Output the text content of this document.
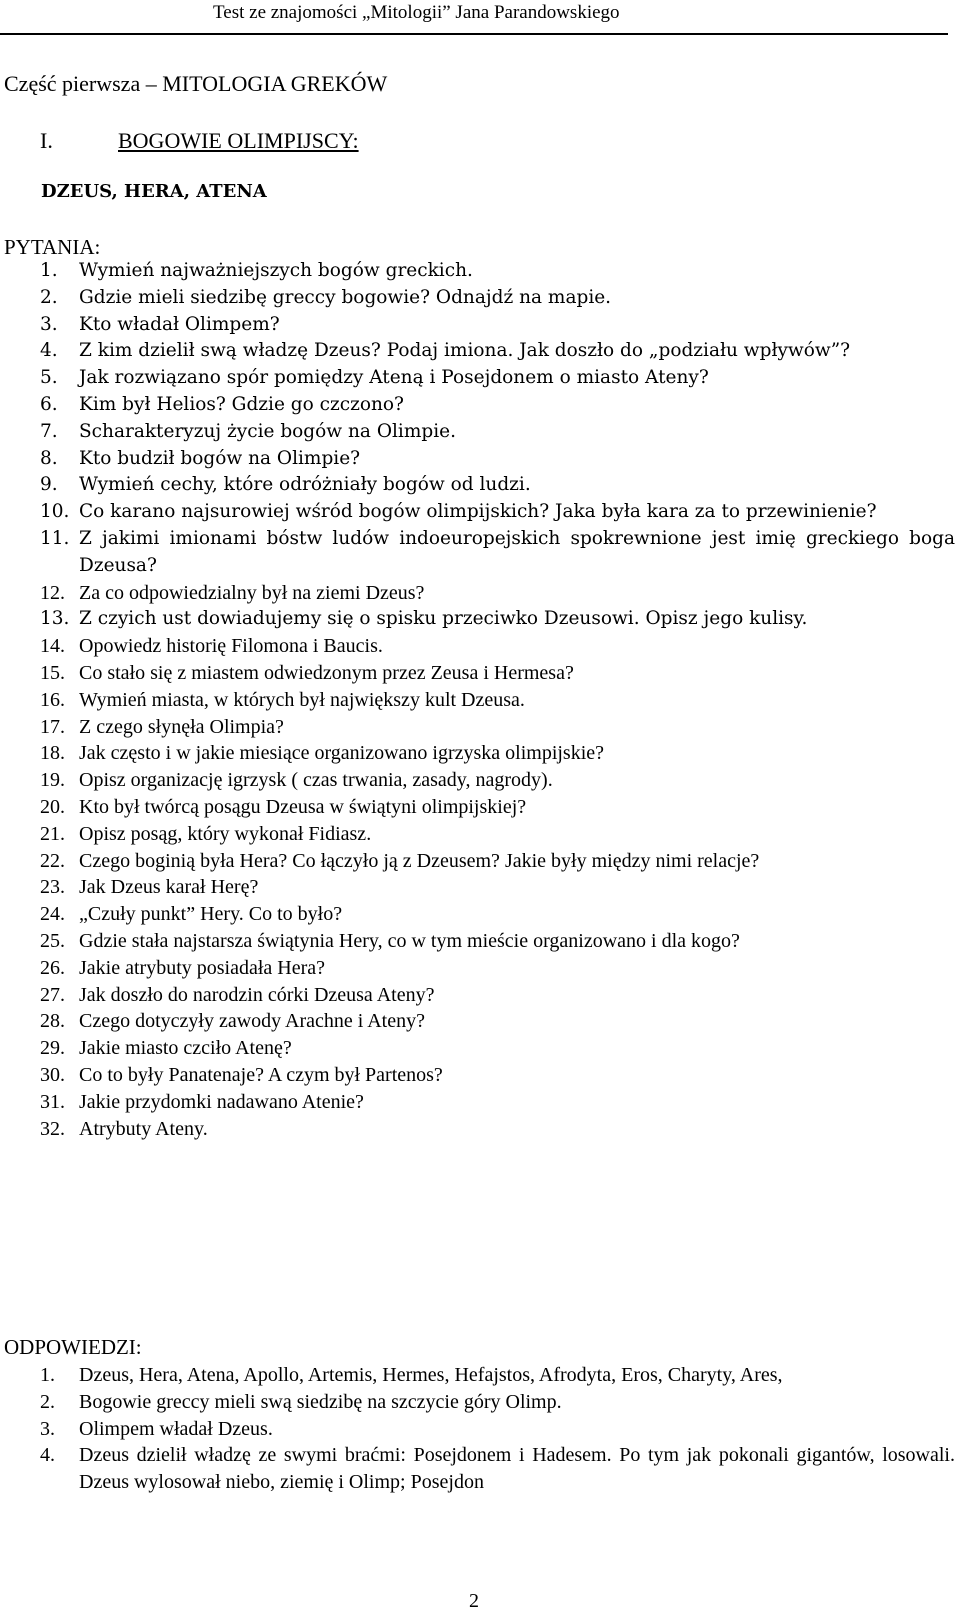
Test ze znajomości „Mitologii” Jana Parandowskiego
Część pierwsza – MITOLOGIA GREKÓW
I.	BOGOWIE OLIMPIJSCY:
DZEUS, HERA, ATENA
PYTANIA:
1.	Wymień najważniejszych bogów greckich.
2.	Gdzie mieli siedzibę greccy bogowie? Odnajdź na mapie.
3.	Kto władał Olimpem?
4.	Z kim dzielił swą władzę Dzeus? Podaj imiona. Jak doszło do „podziału wpływów”?
5.	Jak rozwiązano spór pomiędzy Ateną i Posejdonem o miasto Ateny?
6.	Kim był Helios? Gdzie go czczono?
7.	Scharakteryzuj życie bogów na Olimpie.
8.	Kto budził bogów na Olimpie?
9.	Wymień cechy, które odróżniały bogów od ludzi.
10. Co karano najsurowiej wśród bogów olimpijskich? Jaka była kara za to przewinienie?
11. Z jakimi imionami bóstw ludów indoeuropejskich spokrewnione jest imię greckiego boga Dzeusa?
12. Za co odpowiedzialny był na ziemi Dzeus?
13. Z czyich ust dowiadujemy się o spisku przeciwko Dzeusowi. Opisz jego kulisy.
14. Opowiedz historię Filomona i Baucis.
15. Co stało się z miastem odwiedzonym przez Zeusa i Hermesa?
16. Wymień miasta, w których był największy kult Dzeusa.
17. Z czego słynęła Olimpia?
18. Jak często i w jakie miesiące organizowano igrzyska olimpijskie?
19. Opisz organizację igrzysk ( czas trwania, zasady, nagrody).
20. Kto był twórcą posągu Dzeusa w świątyni olimpijskiej?
21. Opisz posąg, który wykonał Fidiasz.
22. Czego boginią była Hera? Co łączyło ją z Dzeusem? Jakie były między nimi relacje?
23. Jak Dzeus karał Herę?
24. „Czuły punkt” Hery. Co to było?
25. Gdzie stała najstarsza świątynia Hery, co w tym mieście organizowano i dla kogo?
26. Jakie atrybuty posiadała Hera?
27. Jak doszło do narodzin córki Dzeusa Ateny?
28. Czego dotyczyły zawody Arachne i Ateny?
29. Jakie miasto czciło Atenę?
30. Co to były Panatenaje? A czym był Partenos?
31. Jakie przydomki nadawano Atenie?
32. Atrybuty Ateny.
ODPOWIEDZI:
1.	Dzeus, Hera, Atena, Apollo, Artemis, Hermes, Hefajstos, Afrodyta, Eros, Charyty, Ares,
2.	Bogowie greccy mieli swą siedzibę na szczycie góry Olimp.
3.	Olimpem władał Dzeus.
4.	Dzeus dzielił władzę ze swymi braćmi: Posejdonem i Hadesem. Po tym jak pokonali gigantów, losowali. Dzeus wylosował niebo, ziemię i Olimp; Posejdon
2
